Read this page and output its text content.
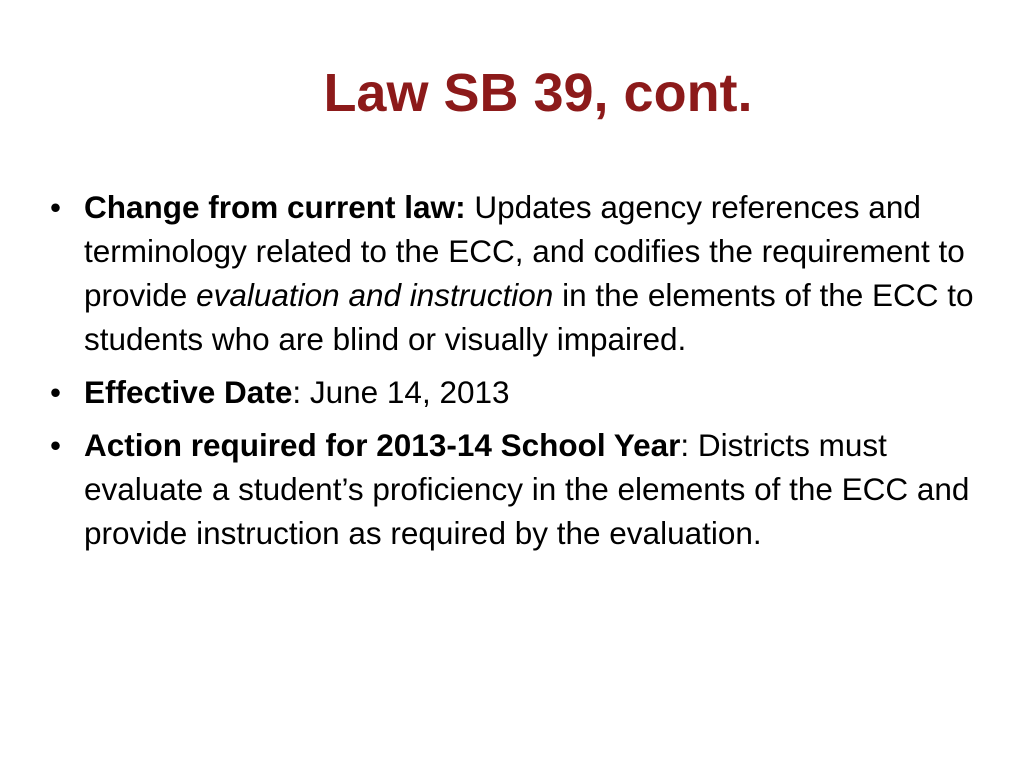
Law SB 39, cont.
• Change from current law: Updates agency references and terminology related to the ECC, and codifies the requirement to provide evaluation and instruction in the elements of the ECC to students who are blind or visually impaired.
• Effective Date: June 14, 2013
• Action required for 2013-14 School Year: Districts must evaluate a student’s proficiency in the elements of the ECC and provide instruction as required by the evaluation.
